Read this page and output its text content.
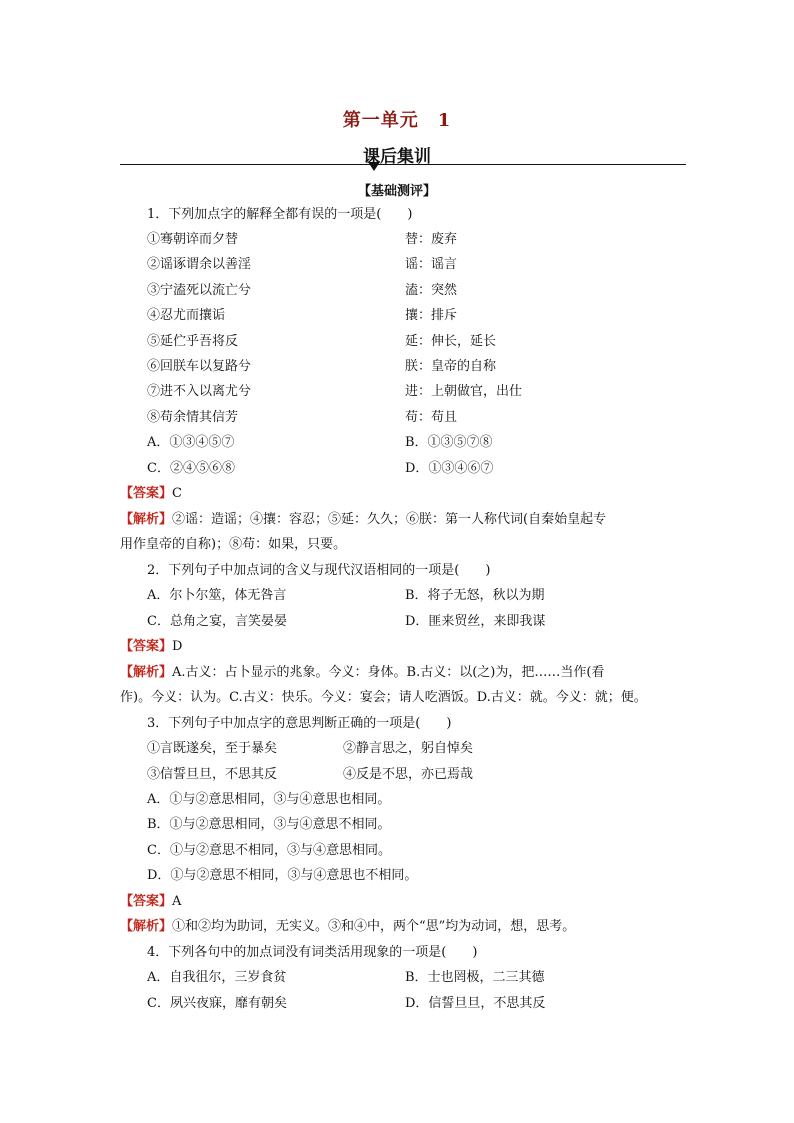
第一单元　1
课后集训
【基础测评】
1．下列加点字的解释全都有误的一项是(　　)
①骞朝谇而夕替	替：废弃
②谣诼谓余以善淫	谣：谣言
③宁溘死以流亡兮	溘：突然
④忍尤而攘诟	攘：排斥
⑤延伫乎吾将反	延：伸长，延长
⑥回朕车以复路兮	朕：皇帝的自称
⑦进不入以离尤兮	进：上朝做官，出仕
⑧苟余情其信芳	苟：苟且
A．①③④⑤⑦	B．①③⑤⑦⑧
C．②④⑤⑥⑧	D．①③④⑥⑦
【答案】C
【解析】②谣：造谣；④攘：容忍；⑤延：久久；⑥朕：第一人称代词(自秦始皇起专
用作皇帝的自称)；⑧苟：如果，只要。
2．下列句子中加点词的含义与现代汉语相同的一项是(　　)
A．尔卜尔筮，体无咎言	B．将子无怒，秋以为期
C．总角之宴，言笑晏晏	D．匪来贸丝，来即我谋
【答案】D
【解析】A.古义：占卜显示的兆象。今义：身体。B.古义：以(之)为，把……当作(看
作)。今义：认为。C.古义：快乐。今义：宴会；请人吃酒饭。D.古义：就。今义：就；便。
3．下列句子中加点字的意思判断正确的一项是(　　)
①言既遂矣，至于暴矣	②静言思之，躬自悼矣
③信誓旦旦，不思其反	④反是不思，亦已焉哉
A．①与②意思相同，③与④意思也相同。
B．①与②意思相同，③与④意思不相同。
C．①与②意思不相同，③与④意思相同。
D．①与②意思不相同，③与④意思也不相同。
【答案】A
【解析】①和②均为助词，无实义。③和④中，两个“思”均为动词，想，思考。
4．下列各句中的加点词没有词类活用现象的一项是(　　)
A．自我徂尔，三岁食贫	B．士也罔极，二三其德
C．夙兴夜寐，靡有朝矣	D．信誓旦旦，不思其反
